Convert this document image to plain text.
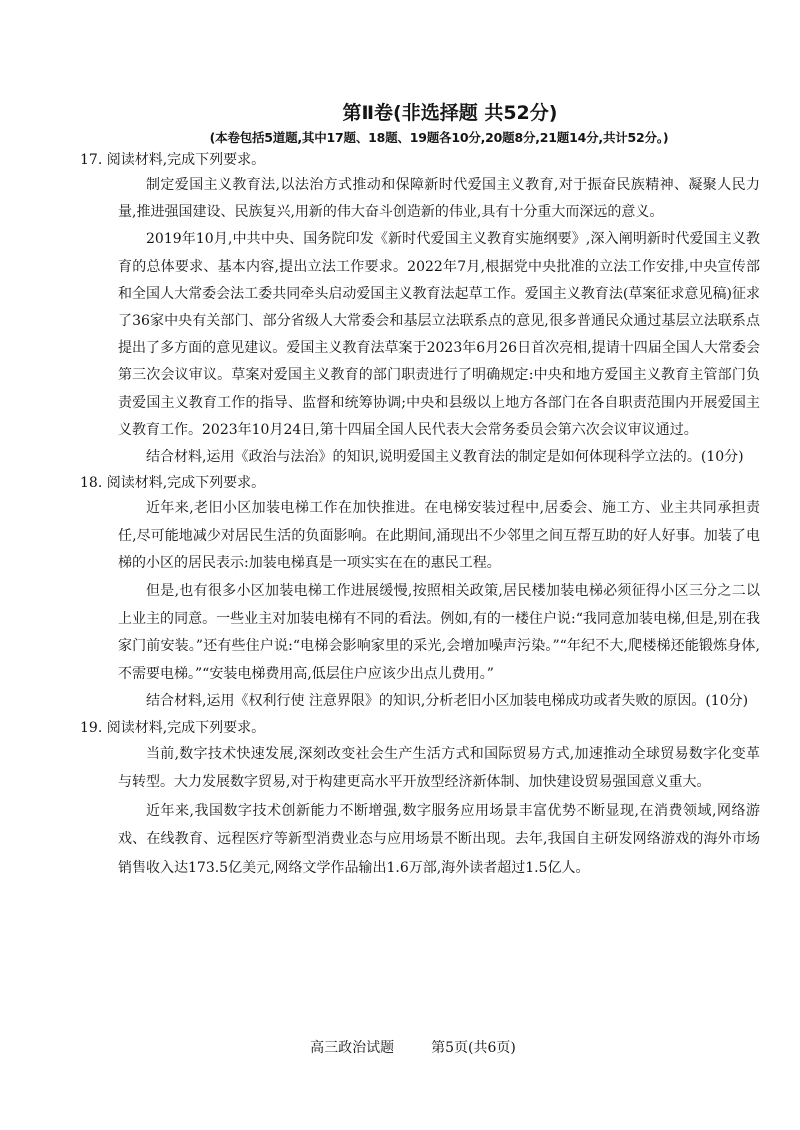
第Ⅱ卷(非选择题 共52分)

(本卷包括5道题,其中17题、18题、19题各10分,20题8分,21题14分,共计52分。)

17. 阅读材料,完成下列要求。

制定爱国主义教育法,以法治方式推动和保障新时代爱国主义教育,对于振奋民族精神、凝聚人民力量,推进强国建设、民族复兴,用新的伟大奋斗创造新的伟业,具有十分重大而深远的意义。

2019年10月,中共中央、国务院印发《新时代爱国主义教育实施纲要》,深入阐明新时代爱国主义教育的总体要求、基本内容,提出立法工作要求。2022年7月,根据党中央批准的立法工作安排,中央宣传部和全国人大常委会法工委共同牵头启动爱国主义教育法起草工作。爱国主义教育法(草案征求意见稿)征求了36家中央有关部门、部分省级人大常委会和基层立法联系点的意见,很多普通民众通过基层立法联系点提出了多方面的意见建议。爱国主义教育法草案于2023年6月26日首次亮相,提请十四届全国人大常委会第三次会议审议。草案对爱国主义教育的部门职责进行了明确规定:中央和地方爱国主义教育主管部门负责爱国主义教育工作的指导、监督和统筹协调;中央和县级以上地方各部门在各自职责范围内开展爱国主义教育工作。2023年10月24日,第十四届全国人民代表大会常务委员会第六次会议审议通过。

结合材料,运用《政治与法治》的知识,说明爱国主义教育法的制定是如何体现科学立法的。(10分)

18. 阅读材料,完成下列要求。

近年来,老旧小区加装电梯工作在加快推进。在电梯安装过程中,居委会、施工方、业主共同承担责任,尽可能地减少对居民生活的负面影响。在此期间,涌现出不少邻里之间互帮互助的好人好事。加装了电梯的小区的居民表示:加装电梯真是一项实实在在的惠民工程。

但是,也有很多小区加装电梯工作进展缓慢,按照相关政策,居民楼加装电梯必须征得小区三分之二以上业主的同意。一些业主对加装电梯有不同的看法。例如,有的一楼住户说:“我同意加装电梯,但是,别在我家门前安装。”还有些住户说:“电梯会影响家里的采光,会增加噪声污染。”“年纪不大,爬楼梯还能锻炼身体,不需要电梯。”“安装电梯费用高,低层住户应该少出点儿费用。”

结合材料,运用《权利行使 注意界限》的知识,分析老旧小区加装电梯成功或者失败的原因。(10分)

19. 阅读材料,完成下列要求。

当前,数字技术快速发展,深刻改变社会生产生活方式和国际贸易方式,加速推动全球贸易数字化变革与转型。大力发展数字贸易,对于构建更高水平开放型经济新体制、加快建设贸易强国意义重大。

近年来,我国数字技术创新能力不断增强,数字服务应用场景丰富优势不断显现,在消费领域,网络游戏、在线教育、远程医疗等新型消费业态与应用场景不断出现。去年,我国自主研发网络游戏的海外市场销售收入达173.5亿美元,网络文学作品输出1.6万部,海外读者超过1.5亿人。

高三政治试题	第5页(共6页)
